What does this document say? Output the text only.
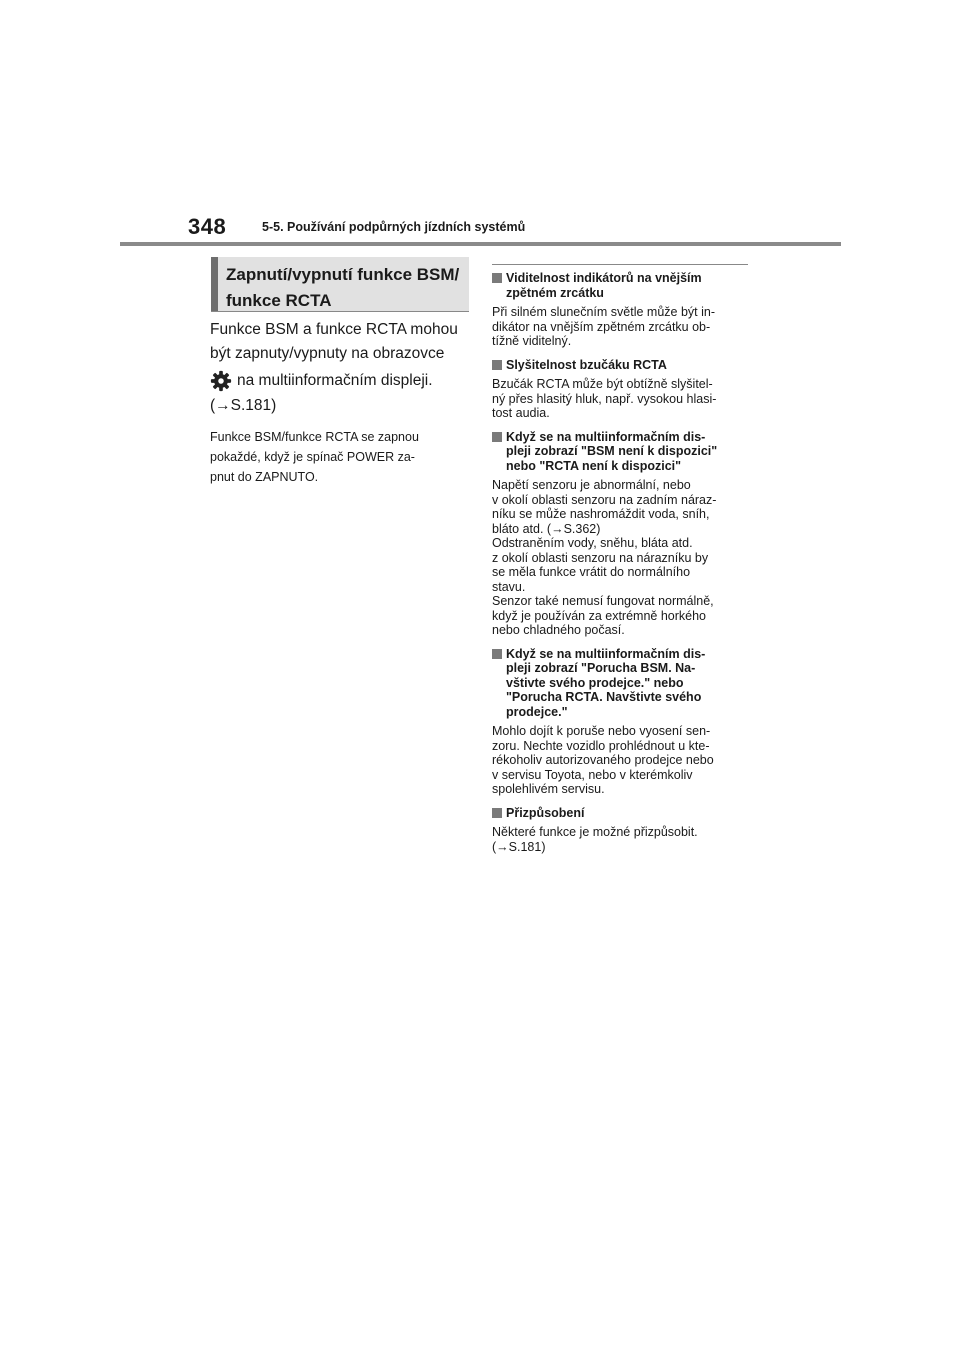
348	5-5. Používání podpůrných jízdních systémů

Zapnutí/vypnutí funkce BSM/
funkce RCTA

Funkce BSM a funkce RCTA mohou
být zapnuty/vypnuty na obrazovce

na multiinformačním displeji.

(→S.181)

Funkce BSM/funkce RCTA se zapnou
pokaždé, když je spínač POWER za-
pnut do ZAPNUTO.

Viditelnost indikátorů na vnějším
zpětném zrcátku

Při silném slunečním světle může být in-
dikátor na vnějším zpětném zrcátku ob-
tížně viditelný.

Slyšitelnost bzučáku RCTA

Bzučák RCTA může být obtížně slyšitel-
ný přes hlasitý hluk, např. vysokou hlasi-
tost audia.

Když se na multiinformačním dis-
pleji zobrazí "BSM není k dispozici"
nebo "RCTA není k dispozici"

Napětí senzoru je abnormální, nebo
v okolí oblasti senzoru na zadním náraz-
níku se může nashromáždit voda, sníh,
bláto atd. (→S.362)
Odstraněním vody, sněhu, bláta atd.
z okolí oblasti senzoru na nárazníku by
se měla funkce vrátit do normálního
stavu.
Senzor také nemusí fungovat normálně,
když je používán za extrémně horkého
nebo chladného počasí.

Když se na multiinformačním dis-
pleji zobrazí "Porucha BSM. Na-
vštivte svého prodejce." nebo
"Porucha RCTA. Navštivte svého
prodejce."

Mohlo dojít k poruše nebo vyosení sen-
zoru. Nechte vozidlo prohlédnout u kte-
rékoholiv autorizovaného prodejce nebo
v servisu Toyota, nebo v kterémkoliv
spolehlivém servisu.

Přizpůsobení

Některé funkce je možné přizpůsobit.
(→S.181)
